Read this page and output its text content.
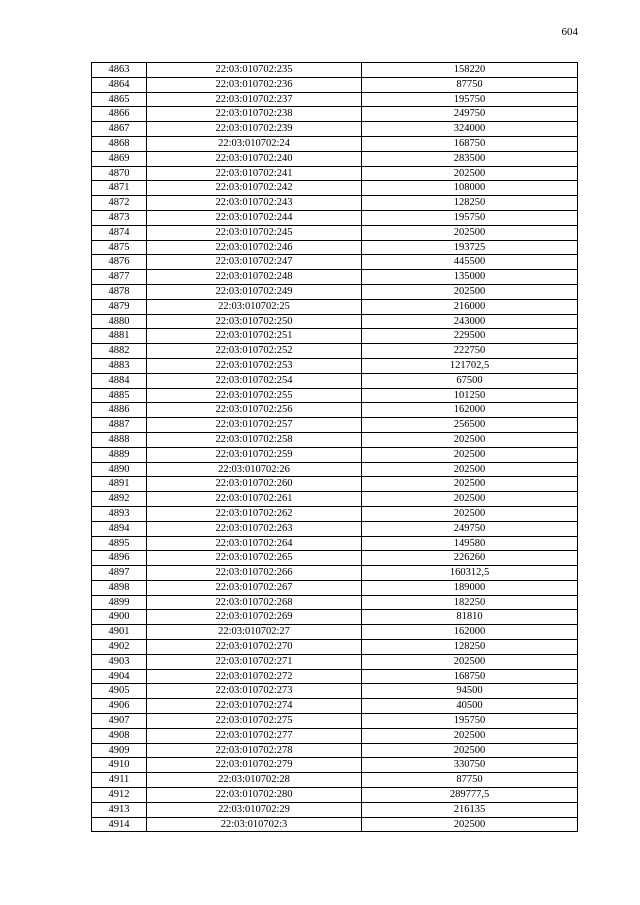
604
4863	22:03:010702:235	158220
4864	22:03:010702:236	87750
4865	22:03:010702:237	195750
4866	22:03:010702:238	249750
4867	22:03:010702:239	324000
4868	22:03:010702:24	168750
4869	22:03:010702:240	283500
4870	22:03:010702:241	202500
4871	22:03:010702:242	108000
4872	22:03:010702:243	128250
4873	22:03:010702:244	195750
4874	22:03:010702:245	202500
4875	22:03:010702:246	193725
4876	22:03:010702:247	445500
4877	22:03:010702:248	135000
4878	22:03:010702:249	202500
4879	22:03:010702:25	216000
4880	22:03:010702:250	243000
4881	22:03:010702:251	229500
4882	22:03:010702:252	222750
4883	22:03:010702:253	121702,5
4884	22:03:010702:254	67500
4885	22:03:010702:255	101250
4886	22:03:010702:256	162000
4887	22:03:010702:257	256500
4888	22:03:010702:258	202500
4889	22:03:010702:259	202500
4890	22:03:010702:26	202500
4891	22:03:010702:260	202500
4892	22:03:010702:261	202500
4893	22:03:010702:262	202500
4894	22:03:010702:263	249750
4895	22:03:010702:264	149580
4896	22:03:010702:265	226260
4897	22:03:010702:266	160312,5
4898	22:03:010702:267	189000
4899	22:03:010702:268	182250
4900	22:03:010702:269	81810
4901	22:03:010702:27	162000
4902	22:03:010702:270	128250
4903	22:03:010702:271	202500
4904	22:03:010702:272	168750
4905	22:03:010702:273	94500
4906	22:03:010702:274	40500
4907	22:03:010702:275	195750
4908	22:03:010702:277	202500
4909	22:03:010702:278	202500
4910	22:03:010702:279	330750
4911	22:03:010702:28	87750
4912	22:03:010702:280	289777,5
4913	22:03:010702:29	216135
4914	22:03:010702:3	202500
